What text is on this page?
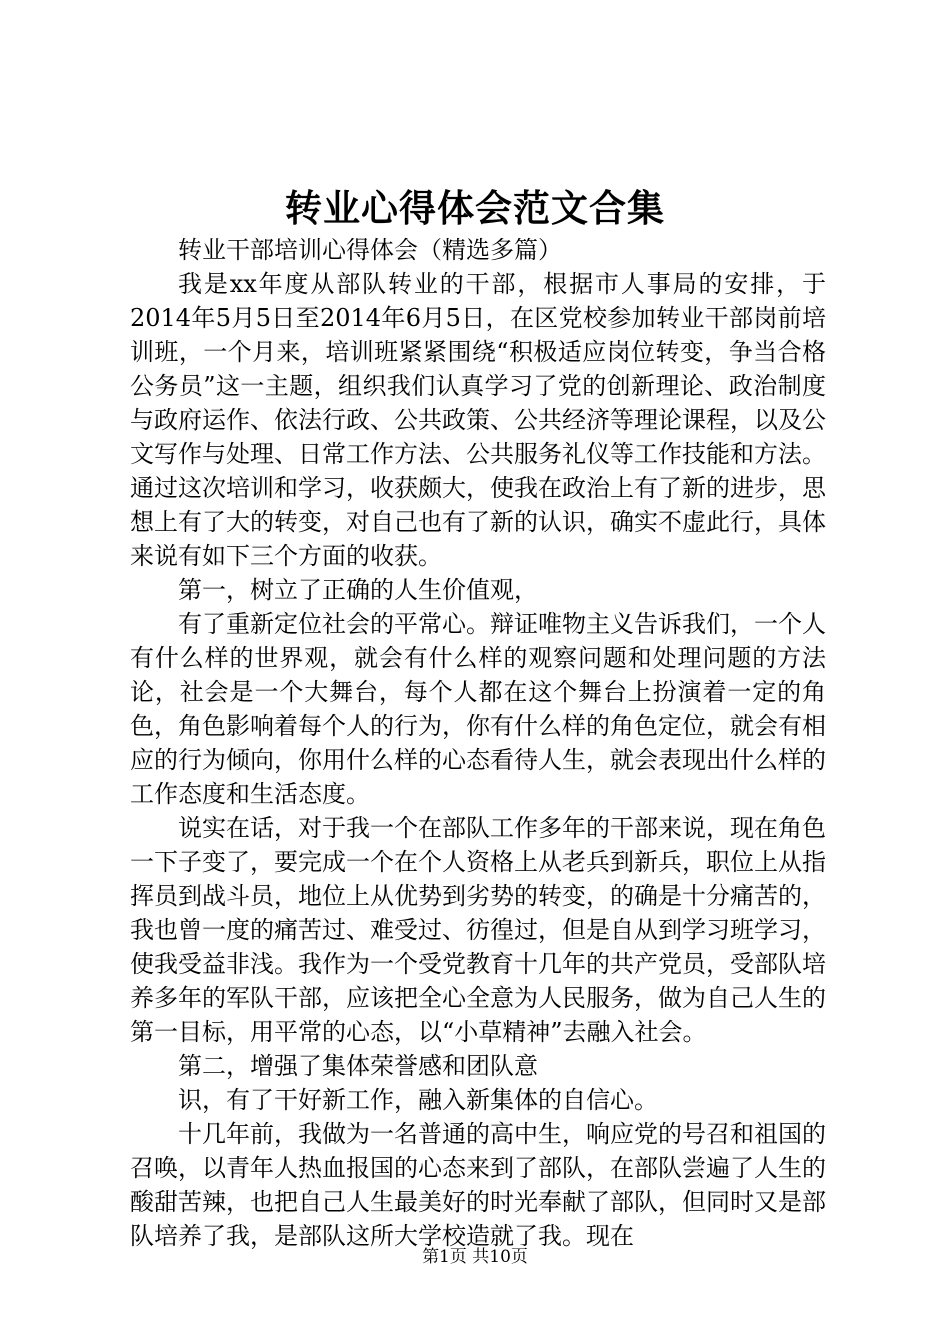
转业心得体会范文合集

转业干部培训心得体会（精选多篇）

我是xx年度从部队转业的干部，根据市人事局的安排，于2014年5月5日至2014年6月5日，在区党校参加转业干部岗前培训班，一个月来，培训班紧紧围绕“积极适应岗位转变，争当合格公务员”这一主题，组织我们认真学习了党的创新理论、政治制度与政府运作、依法行政、公共政策、公共经济等理论课程，以及公文写作与处理、日常工作方法、公共服务礼仪等工作技能和方法。通过这次培训和学习，收获颇大，使我在政治上有了新的进步，思想上有了大的转变，对自己也有了新的认识，确实不虚此行，具体来说有如下三个方面的收获。

第一，树立了正确的人生价值观，

有了重新定位社会的平常心。辩证唯物主义告诉我们，一个人有什么样的世界观，就会有什么样的观察问题和处理问题的方法论，社会是一个大舞台，每个人都在这个舞台上扮演着一定的角色，角色影响着每个人的行为，你有什么样的角色定位，就会有相应的行为倾向，你用什么样的心态看待人生，就会表现出什么样的工作态度和生活态度。

说实在话，对于我一个在部队工作多年的干部来说，现在角色一下子变了，要完成一个在个人资格上从老兵到新兵，职位上从指挥员到战斗员，地位上从优势到劣势的转变，的确是十分痛苦的，我也曾一度的痛苦过、难受过、彷徨过，但是自从到学习班学习，使我受益非浅。我作为一个受党教育十几年的共产党员，受部队培养多年的军队干部，应该把全心全意为人民服务，做为自己人生的第一目标，用平常的心态，以“小草精神”去融入社会。

第二，增强了集体荣誉感和团队意

识，有了干好新工作，融入新集体的自信心。

十几年前，我做为一名普通的高中生，响应党的号召和祖国的召唤，以青年人热血报国的心态来到了部队，在部队尝遍了人生的酸甜苦辣，也把自己人生最美好的时光奉献了部队，但同时又是部队培养了我，是部队这所大学校造就了我。现在

第1页 共10页
